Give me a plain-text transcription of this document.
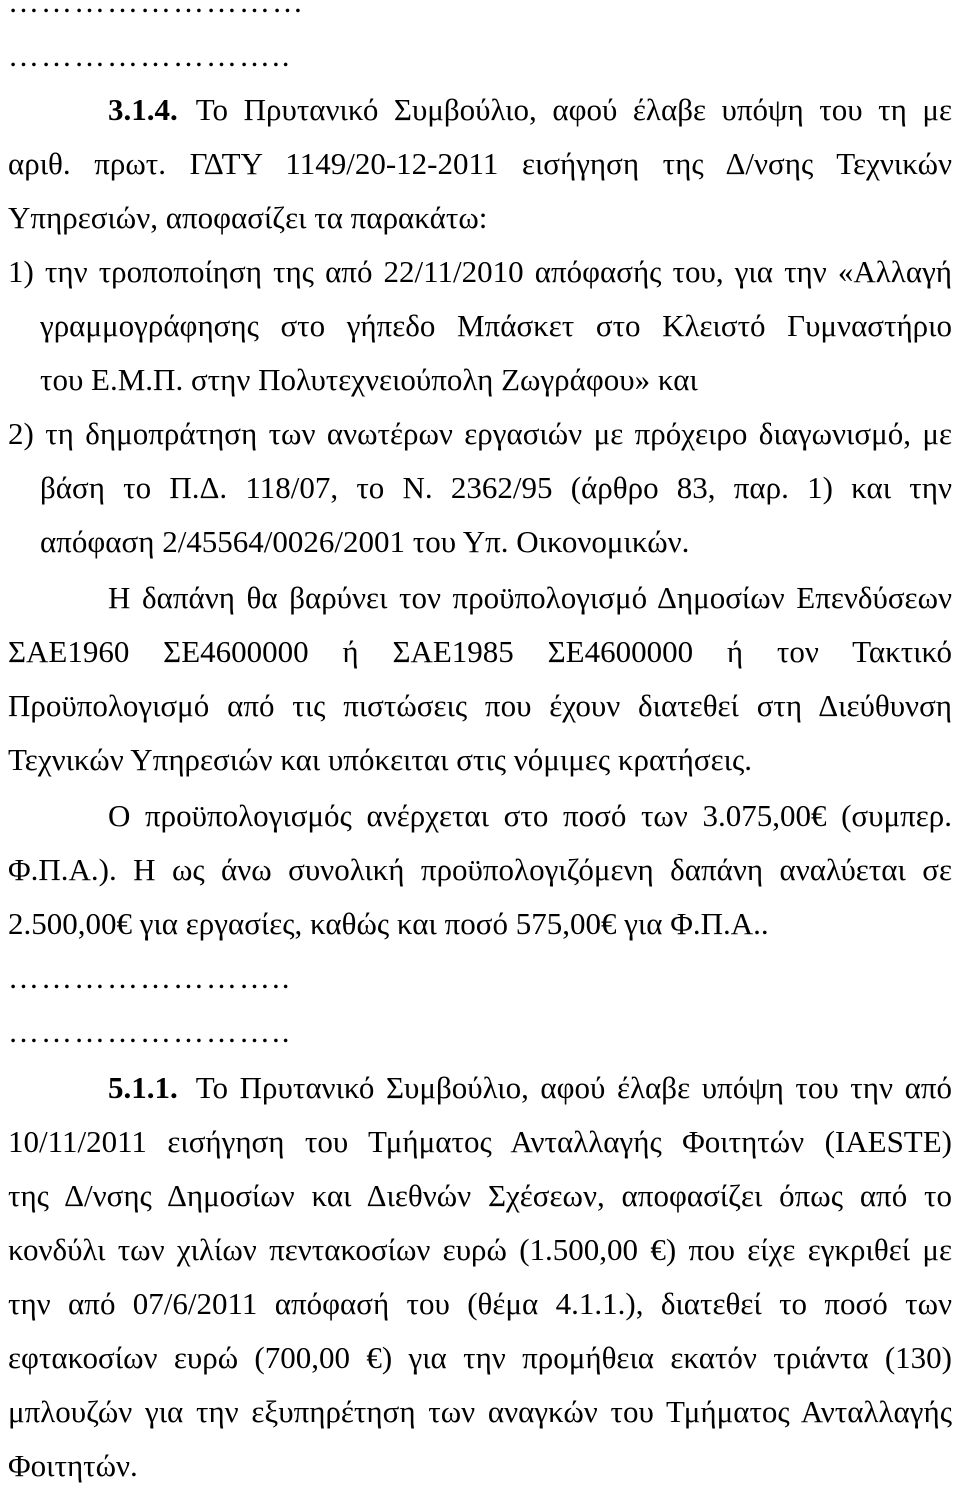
………………………
……………………..
3.1.4. Το Πρυτανικό Συμβούλιο, αφού έλαβε υπόψη του τη με
αριθ. πρωτ. ΓΔΤΥ 1149/20-12-2011 εισήγηση της Δ/νσης Τεχνικών
Υπηρεσιών, αποφασίζει τα παρακάτω:
1) την τροποποίηση της από 22/11/2010 απόφασής του, για την «Αλλαγή
γραμμογράφησης στο γήπεδο Μπάσκετ στο Κλειστό Γυμναστήριο
του Ε.Μ.Π. στην Πολυτεχνειούπολη Ζωγράφου» και
2) τη δημοπράτηση των ανωτέρων εργασιών με πρόχειρο διαγωνισμό, με
βάση το Π.Δ. 118/07, το Ν. 2362/95 (άρθρο 83, παρ. 1) και την
απόφαση 2/45564/0026/2001 του Υπ. Οικονομικών.
Η δαπάνη θα βαρύνει τον προϋπολογισμό Δημοσίων Επενδύσεων
ΣΑΕ1960 ΣΕ4600000 ή ΣΑΕ1985 ΣΕ4600000 ή τον Τακτικό
Προϋπολογισμό από τις πιστώσεις που έχουν διατεθεί στη Διεύθυνση
Τεχνικών Υπηρεσιών και υπόκειται στις νόμιμες κρατήσεις.
Ο προϋπολογισμός ανέρχεται στο ποσό των 3.075,00€ (συμπερ.
Φ.Π.Α.). Η ως άνω συνολική προϋπολογιζόμενη δαπάνη αναλύεται σε
2.500,00€ για εργασίες, καθώς και ποσό 575,00€ για Φ.Π.Α..
……………………..
……………………..
5.1.1. Το Πρυτανικό Συμβούλιο, αφού έλαβε υπόψη του την από
10/11/2011 εισήγηση του Τμήματος Ανταλλαγής Φοιτητών (IAESTE)
της Δ/νσης Δημοσίων και Διεθνών Σχέσεων, αποφασίζει όπως από το
κονδύλι των χιλίων πεντακοσίων ευρώ (1.500,00 €) που είχε εγκριθεί με
την από 07/6/2011 απόφασή του (θέμα 4.1.1.), διατεθεί το ποσό των
εφτακοσίων ευρώ (700,00 €) για την προμήθεια εκατόν τριάντα (130)
μπλουζών για την εξυπηρέτηση των αναγκών του Τμήματος Ανταλλαγής
Φοιτητών.
